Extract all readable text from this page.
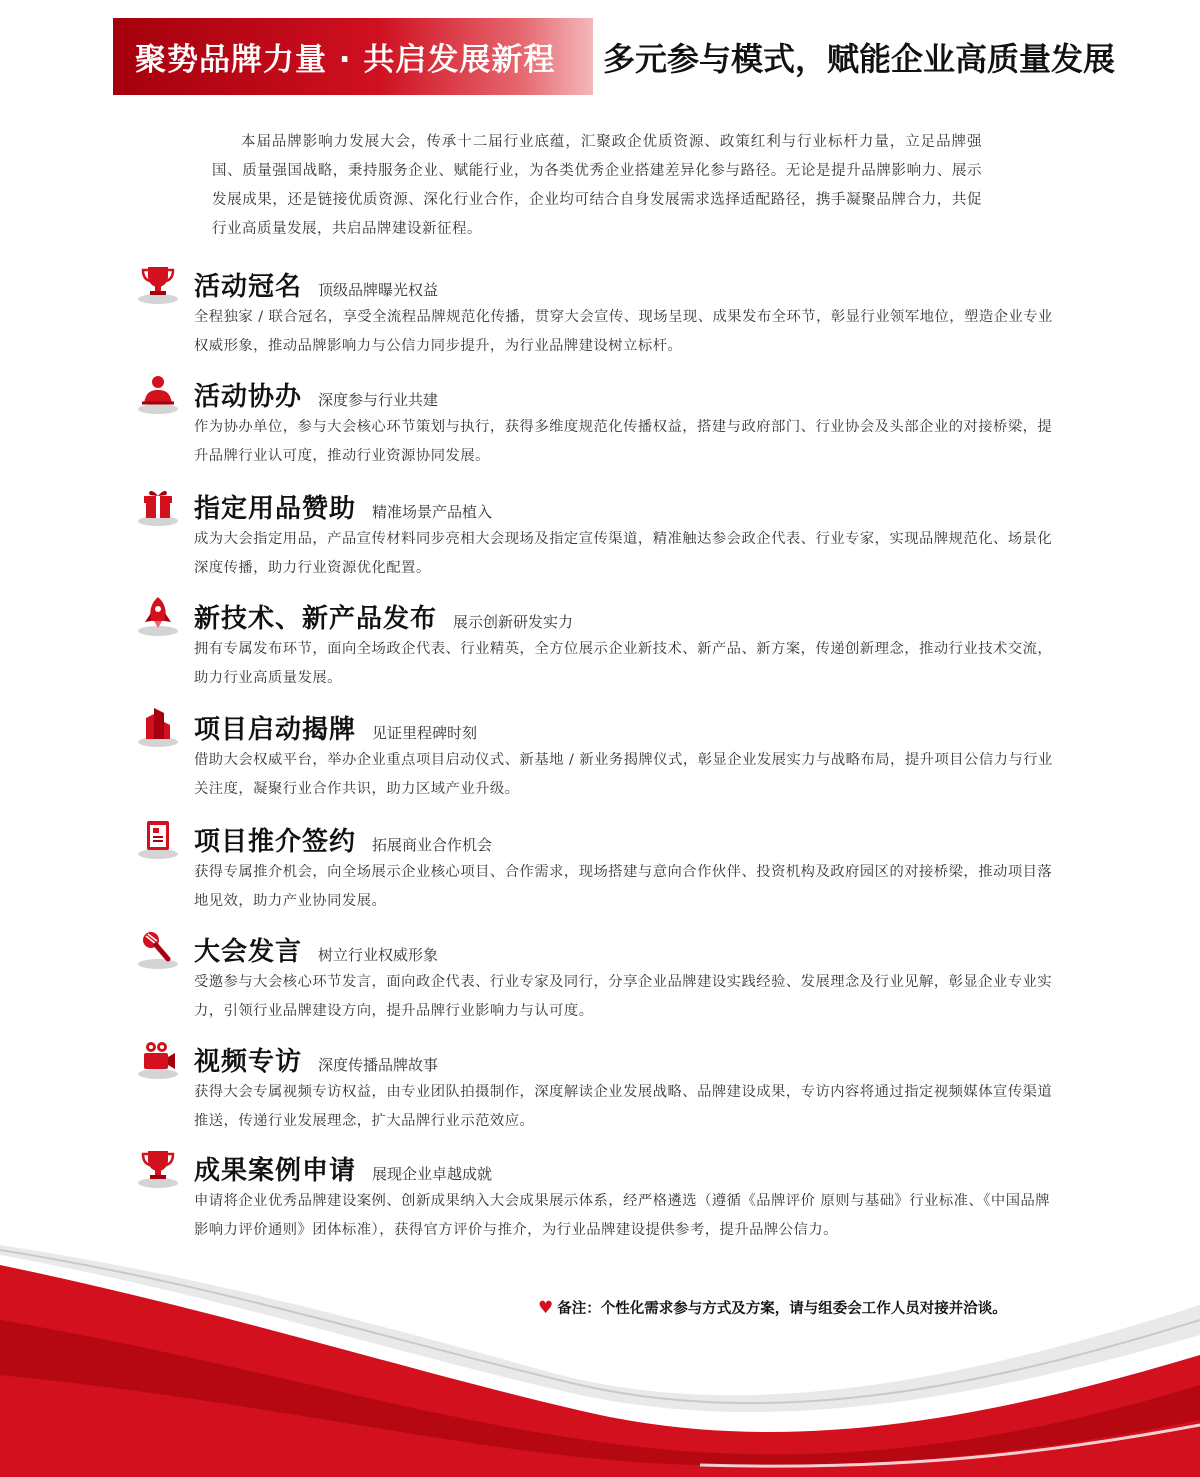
聚势品牌力量 · 共启发展新程 多元参与模式，赋能企业高质量发展
本届品牌影响力发展大会，传承十二届行业底蕴，汇聚政企优质资源、政策红利与行业标杆力量，立足品牌强国、质量强国战略，秉持服务企业、赋能行业，为各类优秀企业搭建差异化参与路径。无论是提升品牌影响力、展示发展成果，还是链接优质资源、深化行业合作，企业均可结合自身发展需求选择适配路径，携手凝聚品牌合力，共促行业高质量发展，共启品牌建设新征程。
活动冠名 顶级品牌曝光权益
全程独家 / 联合冠名，享受全流程品牌规范化传播，贯穿大会宣传、现场呈现、成果发布全环节，彰显行业领军地位，塑造企业专业权威形象，推动品牌影响力与公信力同步提升，为行业品牌建设树立标杆。
活动协办 深度参与行业共建
作为协办单位，参与大会核心环节策划与执行，获得多维度规范化传播权益，搭建与政府部门、行业协会及头部企业的对接桥梁，提升品牌行业认可度，推动行业资源协同发展。
指定用品赞助 精准场景产品植入
成为大会指定用品，产品宣传材料同步亮相大会现场及指定宣传渠道，精准触达参会政企代表、行业专家，实现品牌规范化、场景化深度传播，助力行业资源优化配置。
新技术、新产品发布 展示创新研发实力
拥有专属发布环节，面向全场政企代表、行业精英，全方位展示企业新技术、新产品、新方案，传递创新理念，推动行业技术交流，助力行业高质量发展。
项目启动揭牌 见证里程碑时刻
借助大会权威平台，举办企业重点项目启动仪式、新基地 / 新业务揭牌仪式，彰显企业发展实力与战略布局，提升项目公信力与行业关注度，凝聚行业合作共识，助力区域产业升级。
项目推介签约 拓展商业合作机会
获得专属推介机会，向全场展示企业核心项目、合作需求，现场搭建与意向合作伙伴、投资机构及政府园区的对接桥梁，推动项目落地见效，助力产业协同发展。
大会发言 树立行业权威形象
受邀参与大会核心环节发言，面向政企代表、行业专家及同行，分享企业品牌建设实践经验、发展理念及行业见解，彰显企业专业实力，引领行业品牌建设方向，提升品牌行业影响力与认可度。
视频专访 深度传播品牌故事
获得大会专属视频专访权益，由专业团队拍摄制作，深度解读企业发展战略、品牌建设成果，专访内容将通过指定视频媒体宣传渠道推送，传递行业发展理念，扩大品牌行业示范效应。
成果案例申请 展现企业卓越成就
申请将企业优秀品牌建设案例、创新成果纳入大会成果展示体系，经严格遴选（遵循《品牌评价 原则与基础》行业标准、《中国品牌影响力评价通则》团体标准），获得官方评价与推介，为行业品牌建设提供参考，提升品牌公信力。
♥ 备注：个性化需求参与方式及方案，请与组委会工作人员对接并洽谈。
